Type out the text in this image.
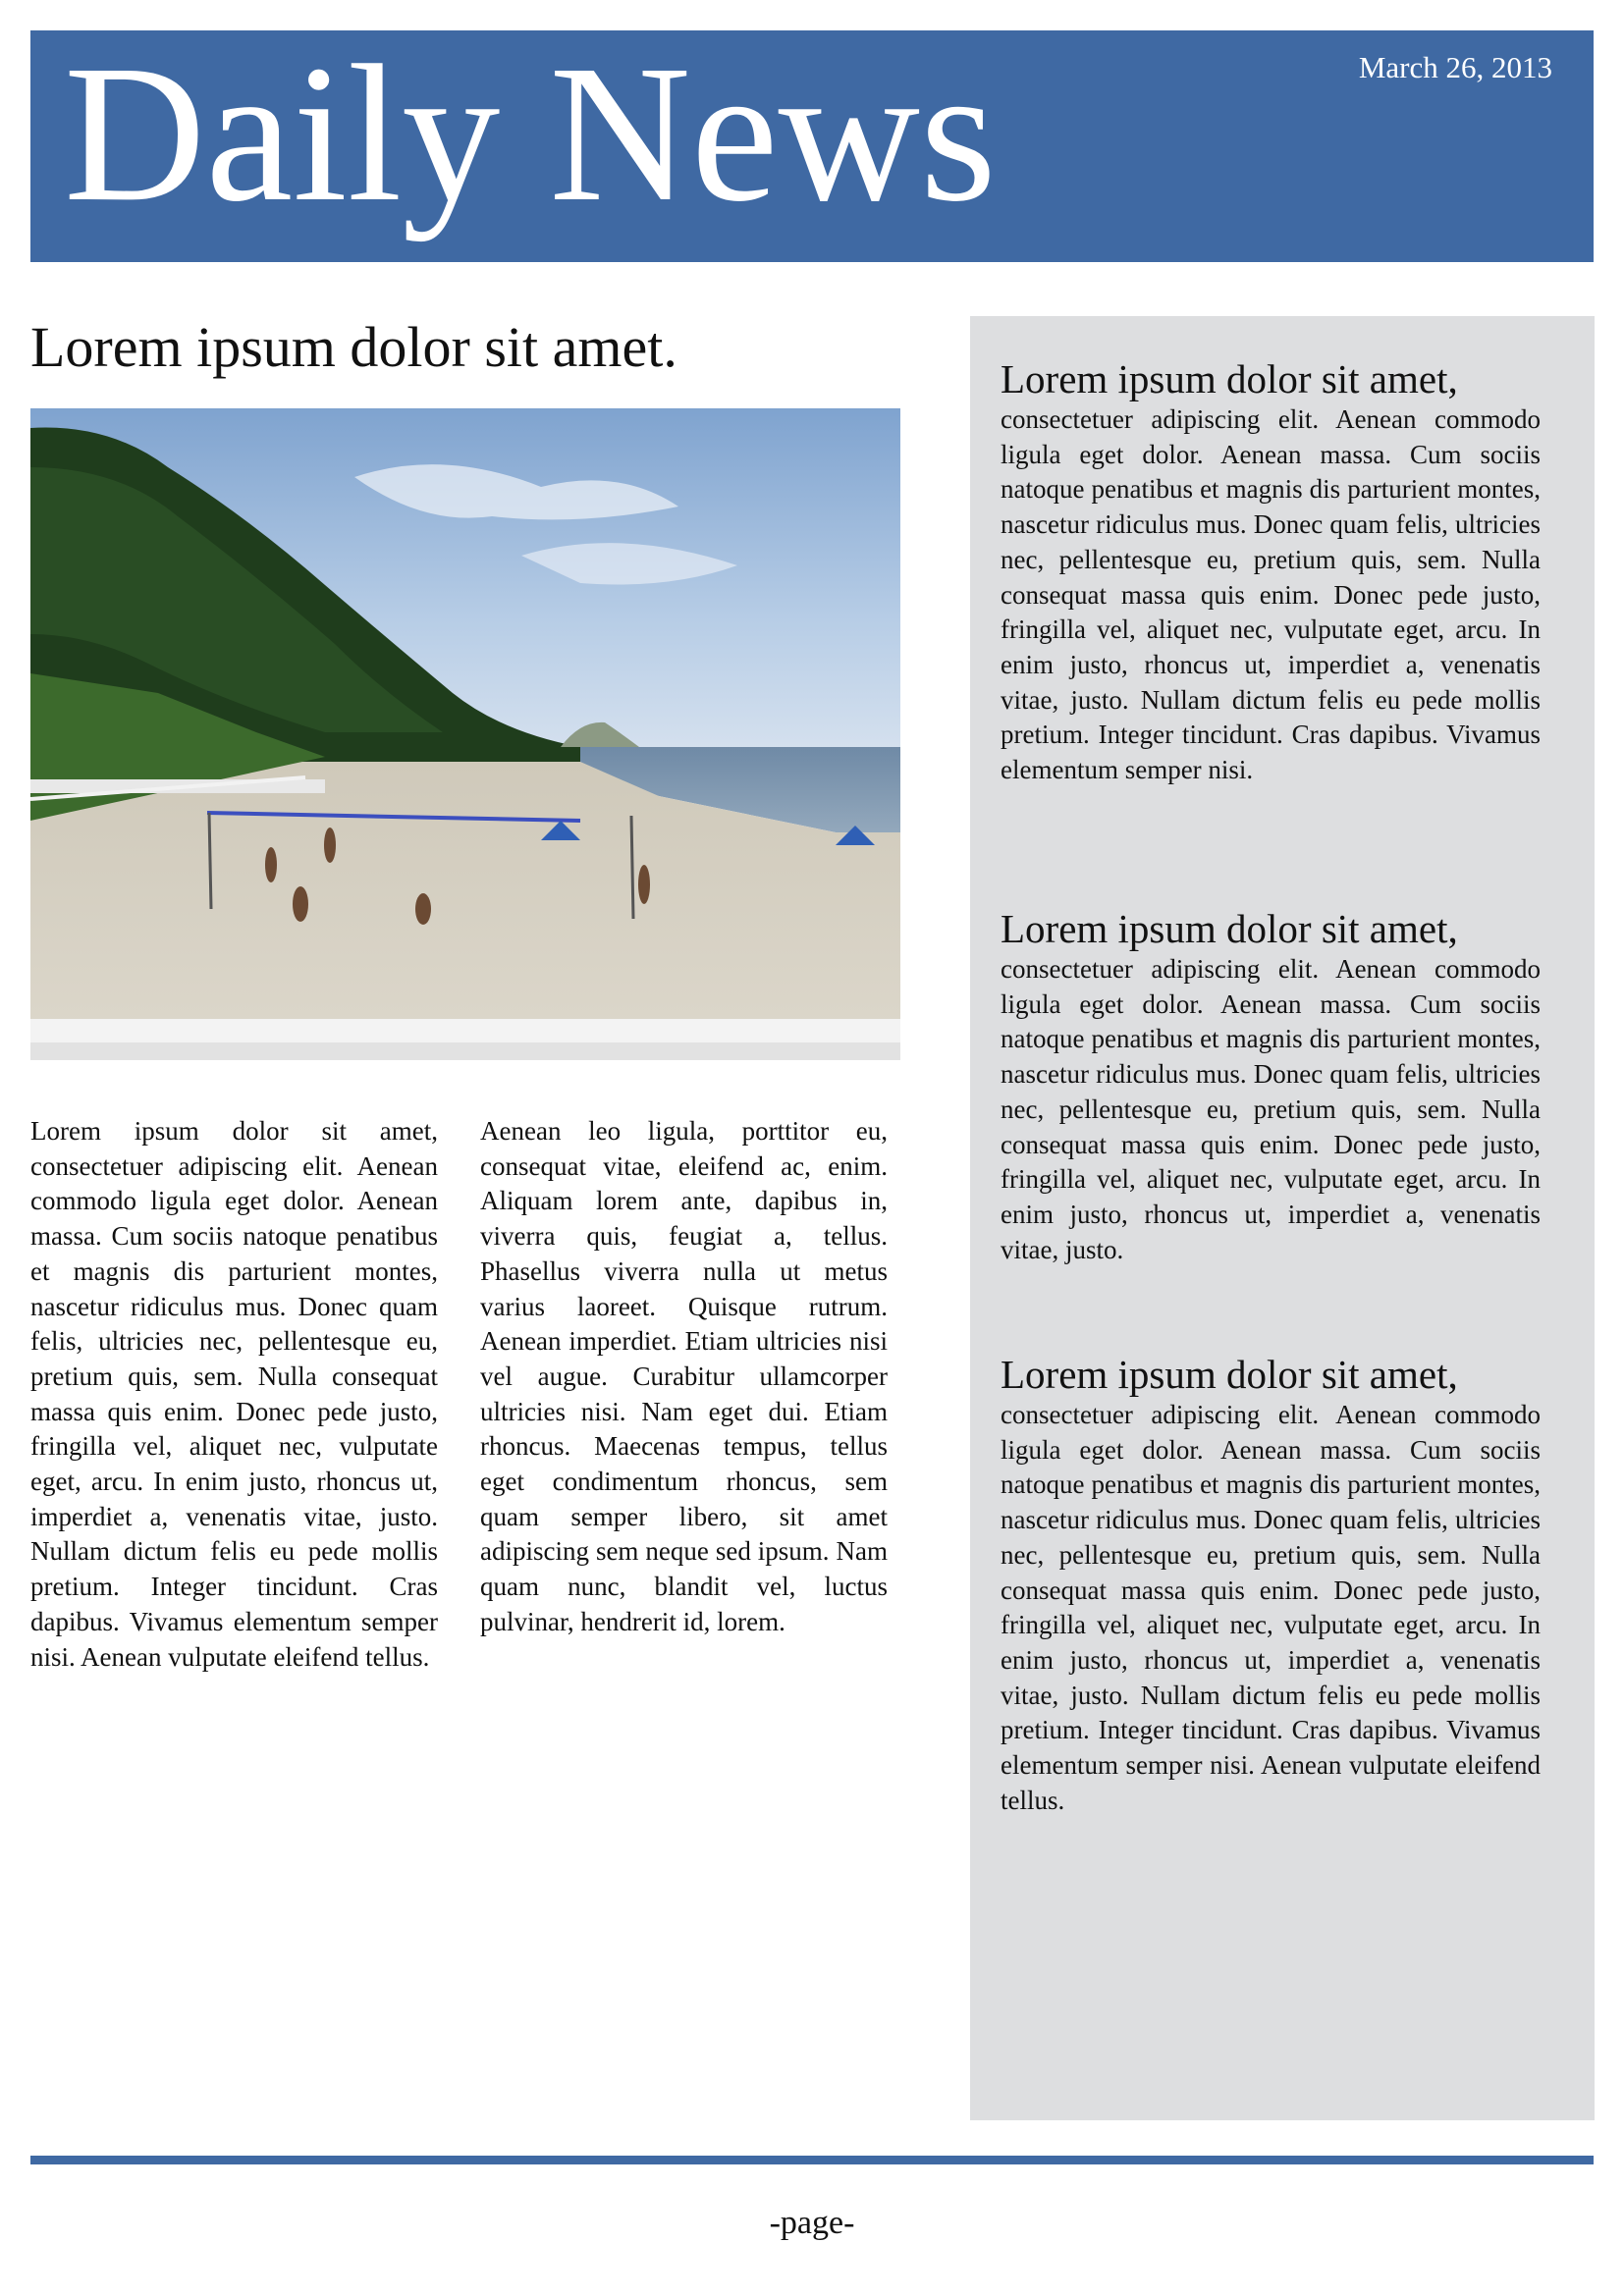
Daily News	March 26, 2013
Lorem ipsum dolor sit amet.

Lorem ipsum dolor sit amet, consectetuer adipiscing elit. Aenean commodo ligula eget dolor. Aenean massa. Cum sociis natoque penatibus et magnis dis parturient montes, nascetur ridiculus mus. Donec quam felis, ultricies nec, pellentesque eu, pretium quis, sem. Nulla consequat massa quis enim. Donec pede justo, fringilla vel, aliquet nec, vulputate eget, arcu. In enim justo, rhoncus ut, imperdiet a, venenatis vitae, justo. Nullam dictum felis eu pede mollis pretium. Integer tincidunt. Cras dapibus. Vivamus elementum semper nisi. Aenean vulputate eleifend tellus.

Aenean leo ligula, porttitor eu, consequat vitae, eleifend ac, enim. Aliquam lorem ante, dapibus in, viverra quis, feugiat a, tellus. Phasellus viverra nulla ut metus varius laoreet. Quisque rutrum. Aenean imperdiet. Etiam ultricies nisi vel augue. Curabitur ullamcorper ultricies nisi. Nam eget dui. Etiam rhoncus. Maecenas tempus, tellus eget condimentum rhoncus, sem quam semper libero, sit amet adipiscing sem neque sed ipsum. Nam quam nunc, blandit vel, luctus pulvinar, hendrerit id, lorem.

Lorem ipsum dolor sit amet,

consectetuer adipiscing elit. Aenean commodo ligula eget dolor. Aenean massa. Cum sociis natoque penatibus et magnis dis parturient montes, nascetur ridiculus mus. Donec quam felis, ultricies nec, pellentesque eu, pretium quis, sem. Nulla consequat massa quis enim. Donec pede justo, fringilla vel, aliquet nec, vulputate eget, arcu. In enim justo, rhoncus ut, imperdiet a, venenatis vitae, justo. Nullam dictum felis eu pede mollis pretium. Integer tincidunt. Cras dapibus. Vivamus elementum semper nisi.

Lorem ipsum dolor sit amet,

consectetuer adipiscing elit. Aenean commodo ligula eget dolor. Aenean massa. Cum sociis natoque penatibus et magnis dis parturient montes, nascetur ridiculus mus. Donec quam felis, ultricies nec, pellentesque eu, pretium quis, sem. Nulla consequat massa quis enim. Donec pede justo, fringilla vel, aliquet nec, vulputate eget, arcu. In enim justo, rhoncus ut, imperdiet a, venenatis vitae, justo.

Lorem ipsum dolor sit amet,

consectetuer adipiscing elit. Aenean commodo ligula eget dolor. Aenean massa. Cum sociis natoque penatibus et magnis dis parturient montes, nascetur ridiculus mus. Donec quam felis, ultricies nec, pellentesque eu, pretium quis, sem. Nulla consequat massa quis enim. Donec pede justo, fringilla vel, aliquet nec, vulputate eget, arcu. In enim justo, rhoncus ut, imperdiet a, venenatis vitae, justo. Nullam dictum felis eu pede mollis pretium. Integer tincidunt. Cras dapibus. Vivamus elementum semper nisi. Aenean vulputate eleifend tellus.

-page-
